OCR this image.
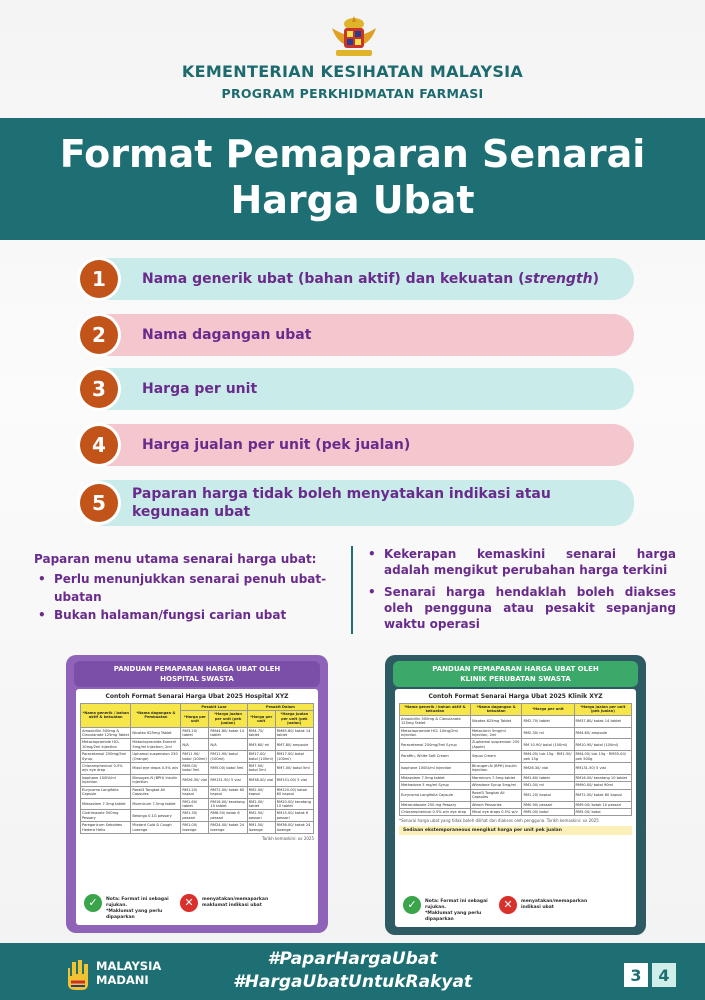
KEMENTERIAN KESIHATAN MALAYSIA
PROGRAM PERKHIDMATAN FARMASI
Format Pemaparan Senarai
Harga Ubat
Nama generik ubat (bahan aktif) dan kekuatan ( strength )
1
Nama dagangan ubat
2
Harga per unit
3
Harga jualan per unit (pek jualan)
4
Paparan harga tidak boleh menyatakan indikasi atau
kegunaan ubat
5
Paparan menu utama senarai harga ubat:
• Perlu menunjukkan senarai penuh ubat-ubatan
• Bukan halaman/fungsi carian ubat
• Kekerapan kemaskini senarai harga adalah mengikut perubahan harga terkini
• Senarai harga hendaklah boleh diakses oleh pengguna atau pesakit sepanjang waktu operasi
PANDUAN PEMAPARAN HARGA UBAT OLEH
HOSPITAL SWASTA
Contoh Format Senarai Harga Ubat 2025 Hospital XYZ
*Nama generik / bahan aktif & kekuatan	*Nama dagangan & Pembuatan	Pesakit Luar		Pesakit Dalam	
		*Harga per unit	*Harga jualan per unit (pek jualan)	*Harga per unit	*Harga jualan per unit (pek jualan)
Amoxicillin 500mg & Clavulanate 125mg Tablet	Nicotex 625mg Tablet	RM3.20/ tablet	RM44.80/ kotak 14 tablet	RM4.70/ tablet	RM65.80/ kotak 14 tablet
Metoclopramide HCL 10mg/2ml Injection	Metoclopramide-Esmeril 5mg/ml Injection, 2ml	N/A	N/A	RM3.60/ ml	RM7.80/ ampoule
Paracetamol 250mg/5ml Syrup	Uphamol suspension 250 (Orange)	RM11.90/ botol (100ml)	RM11.90/ botol (100ml)	RM17.00/ botol (100ml)	RM17.00/ botol (100ml)
Chloramphenicol 0.5% w/v eye drop	Mixol eye drops 0.5% w/v	RM5.00/ botol 5ml	RM5.00/ botol 5ml	RM7.00/ botol 5ml	RM7.00/ botol 5ml
Isophane 100IU/ml Injection	Binsugen-N (BPH) Insulin Injection	RM26.30/ vial	RM131.50/ 5 vial	RM38.00/ vial	RM151.00/ 5 vial
Eurycoma Longifolia Capsule	Rosel3 Tongkat Ali Capsules	RM1.20/ kapsul	RM72.00/ kotak 60 kapsul	RM2.00/ kapsul	RM120.00/ kotak 60 kapsul
Midazolam 7.5mg tablet	Mormicum 7.5mg tablet	RM1.60/ tablet	RM16.00/ keratang 10 tablet	RM2.00/ tablet	RM20.00/ keratang 10 tablet
Clotrimazole 500mg Pessary	Belongo 0.1G pessary	RM1.30/ pessari	RM6.50/ kotak 6 pessari	RM2.50/ pessari	RM15.00/ kotak 6 pessari
Paregoricum Seboides Hedera Helix	Mixtard Cold & Cough Lozenge	RM1.00/ lozenge	RM24.00/ kotak 24 lozenge	RM1.50/ lozenge	RM36.00/ kotak 24 lozenge
Tarikh kemaskini: xx 2025
✓	Nota: Format ini sebagai rujukan.
*Maklumat yang perlu dipaparkan
✕	menyatakan/memaparkan
maklumat indikasi ubat
PANDUAN PEMAPARAN HARGA UBAT OLEH
KLINIK PERUBATAN SWASTA
Contoh Format Senarai Harga Ubat 2025 Klinik XYZ
*Nama generik / bahan aktif & kekuatan	*Nama dagangan & kekuatan	*Harga per unit	*Harga jualan per unit (pek jualan)
Amoxicillin 500mg & Clavulanate 125mg Tablet	Nicotex 625mg Tablet	RM2.70/ tablet	RM37.80/ kotak 14 tablet
Metoclopramide HCL 10mg/2ml Injection	Metoclorin 5mg/ml Injection, 2ml	RM2.30/ ml	RM4.60/ ampoule
Paracetamol 250mg/5ml Syrup	Zuphamol suspension 250 (Apple)	RM 10.90/ botol (100ml)	RM10.90/ botol (100ml)
Paraffin, White Soft Cream	Sepus Cream	RM4.05/ tub 15g · RM1.50/ pek 15g	RM4.05/ tub 15g · RM55.00/ pek 500g
Isophane 100IU/ml Injection	Binsugen-N (BPH) Insulin Injection	RM26.30/ vial	RM131.50/ 5 vial
Midazolam 7.5mg tablet	Mormicum 7.5mg tablet	RM1.60/ tablet	RM16.00/ keratang 10 tablet
Methadone 5 mg/ml Syrup	Aftradone Syrup 5mg/ml	RM1.00/ ml	RM90.00/ botol 90ml
Eurycoma Longifolia Capsule	Rosel3 Tongkat Ali Capsules	RM1.20/ kapsul	RM72.00/ kotak 60 kapsul
Metronidazole 250 mg Pessary	Aftroin Pessaries	RM0.90/ pessari	RM9.00/ kotak 10 pessari
Chloramphenicol 0.5% w/v eye drop	Micol eye drops 0.5% w/v	RM5.00/ botol	RM5.00/ botol
*Senarai harga ubat yang tidak boleh dilihat dan diakses oleh pengguna. Tarikh kemaskini: xx 2025
Sediaan ekstemporaneous mengikut harga per unit pek jualan
✓	Nota: Format ini sebagai rujukan.
*Maklumat yang perlu dipaparkan
✕	menyatakan/memaparkan
indikasi ubat
#PaparHargaUbat
#HargaUbatUntukRakyat
MALAYSIA
MADANI	3	4
